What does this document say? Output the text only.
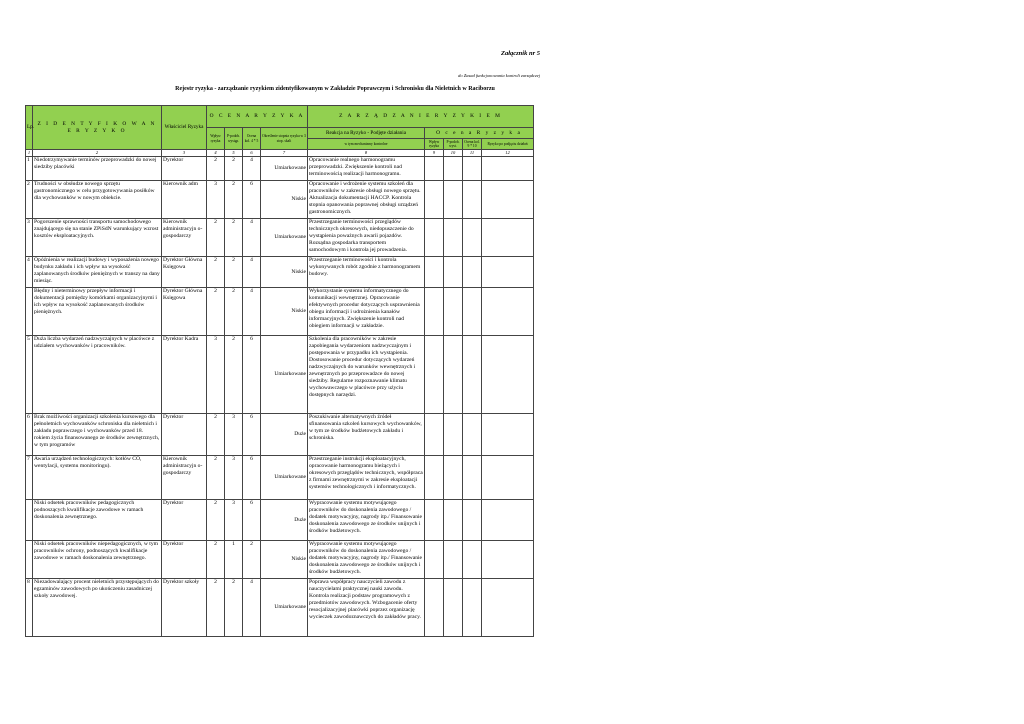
Załącznik nr 5
do Zasad funkcjonowania kontroli zarządczej
Rejestr ryzyka - zarządzanie ryzykiem zidentyfikowanym w Zakładzie Poprawczym i Schronisku dla Nieletnich w Raciborzu
Lp.	Z I D E N T Y F I K O W A N E R Y Z Y K O	Właściciel Ryzyka	O C E N A R Y Z Y K A				Z A R Z Ą D Z A N I E R Y Z Y K I E M				
			Wpływ ryzyka	P-podob. wystąp.	Ocena kol. 4 * 5	Określenie stopnia ryzyka w 3 stop. skali	Reakcja na Ryzyko - Podjęte działania	O c e n a R y z y k a			
							w tym mechanizmy kontrolne	Wpływ ryzyka	P-podob. wyst.	Ocena kol. 9 * 10	Ryzyko po podjęciu działań
1	2	3	4	5	6	7	8	9	10	11	12
1	Niedotrzymywanie terminów przeprowadzki do nowej siedziby placówki	Dyrektor	2	2	4	Umiarkowane	Opracowanie realnego harmonogramu przeprowadzki. Zwiększenie kontroli nad terminowością realizacji harmonogramu.				
2	Trudności w obsłudze nowego sprzętu gastronomicznego w celu przygotowywania posiłków dla wychowanków w nowym obiekcie.	Kierownik adm	3	2	6	Niskie	Opracowanie i wdrożenie systemu szkoleń dla pracowników w zakresie obsługi nowego sprzętu. Aktualizacja dokumentacji HACCP. Kontrola stopnia opanowania poprawnej obsługi urządzeń gastronomicznych.				
3	Pogorszenie sprawności transportu samochodowego znajdującego się na stanie ZPiSdN warunkujący wzrost kosztów eksploatacyjnych.	Kierownik administracyjn o-gospodarczy	2	2	4	Umiarkowane	Przestrzeganie terminowości przeglądów technicznych okresowych, niedopuszczenie do wystąpienia poważnych awarii pojazdów. Rozsądna gospodarka transportem samochodowym i kontrola jej prowadzenia.				
4	Opóźnienia w realizacji budowy i wyposażenia nowego budynku zakładu i ich wpływ na wysokość zaplanowanych środków pieniężnych w transzy na dany miesiąc.	Dyrektor Główna Księgowa	2	2	4	Niskie	Przestrzeganie terminowości i kontrola wykonywanych robót zgodnie z harmonogramem budowy.				
	Błędny i nieterminowy przepływ informacji i dokumentacji pomiędzy komórkami organizacyjnymi i ich wpływ na wysokość zaplanowanych środków pieniężnych.	Dyrektor Główna Księgowa	2	2	4	Niskie	Wykorzystanie systemu informatycznego do komunikacji wewnętrznej. Opracowanie efektywnych procedur dotyczących usprawnienia obiegu informacji i udrożnienia kanałów informacyjnych. Zwiększenie kontroli nad obiegiem informacji w zakładzie.				
5	Duża liczba wydarzeń nadzwyczajnych w placówce z udziałem wychowanków i pracowników.	Dyrektor Kadra	3	2	6	Umiarkowane	Szkolenia dla pracowników w zakresie zapobiegania wydarzeniom nadzwyczajnym i postępowania w przypadku ich wystąpienia. Dostosowanie procedur dotyczących wydarzeń nadzwyczajnych do warunków wewnętrznych i zewnętrznych po przeprowadzce do nowej siedziby. Regularne rozpoznawanie klimatu wychowawczego w placówce przy użyciu dostępnych narzędzi.				
6	Brak możliwości organizacji szkolenia kursowego dla pełnoletnich wychowanków schroniska dla nieletnich i zakładu poprawczego i wychowanków przed 18. rokiem życia finansowanego ze środków zewnętrznych, w tym programów	Dyrektor	2	3	6	Duże	Poszukiwanie alternatywnych źródeł sfinansowania szkoleń kursowych wychowanków, w tym ze środków budżetowych zakładu i schroniska.				
7	Awaria urządzeń technologicznych: kotłów CO, wentylacji, systemu monitoringu).	Kierownik administracyjn o-gospodarczy	2	3	6	Umiarkowane	Przestrzeganie instrukcji eksploatacyjnych, opracowanie harmonogramu bieżących i okresowych przeglądów technicznych, współpraca z firmami zewnętrznymi w zakresie eksploatacji systemów technologicznych i informatycznych.				
	Niski odsetek pracowników pedagogicznych podnoszących kwalifikacje zawodowe w ramach doskonalenia zewnętrznego.	Dyrektor	2	3	6	Duże	Wypracowanie systemu motywującego pracowników do doskonalenia zawodowego / dodatek motywacyjny, nagrody itp./ Finansowanie doskonalenia zawodowego ze środków unijnych i środków budżetowych.				
	Niski odsetek pracowników niepedagogicznych, w tym pracowników ochrony, podnoszących kwalifikacje zawodowe w ramach doskonalenia zewnętrznego.	Dyrektor	2	1	2	Niskie	Wypracowanie systemu motywującego pracowników do doskonalenia zawodowego / dodatek motywacyjny, nagrody itp./ Finansowanie doskonalenia zawodowego ze środków unijnych i środków budżetowych.				
8	Niezadowalający procent nieletnich przystępujących do egzaminów zawodowych po ukończeniu zasadniczej szkoły zawodowej.	Dyrektor szkoły	2	2	4	Umiarkowane	Poprawa współpracy nauczycieli zawodu z nauczycielami praktycznej nauki zawodu. Kontrola realizacji podstaw programowych z przedmiotów zawodowych. Wzbogacenie oferty resocjalizacyjnej placówki poprzez organizację wycieczek zawodoznawczych do zakładów pracy.				
